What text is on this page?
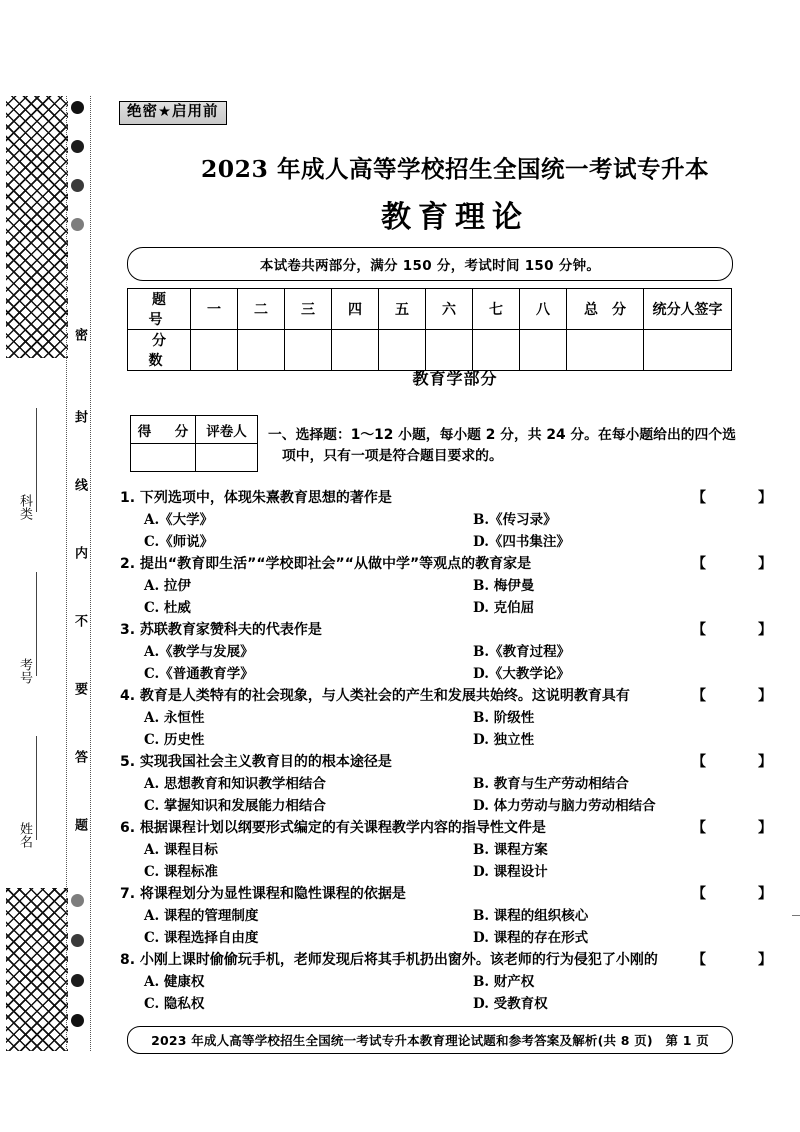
密
封
线
内
不
要
答
题
科类
考号
姓名
绝密★启用前
2023 年成人高等学校招生全国统一考试专升本
教育理论
本试卷共两部分，满分 150 分，考试时间 150 分钟。
题　号	一	二	三	四	五	六	七	八	总　分	统分人签字
分　数										
教育学部分
得　分	评卷人
	一、选择题：1～12 小题，每小题 2 分，共 24 分。在每小题给出的四个选
项中，只有一项是符合题目要求的。
1. 下列选项中，体现朱熹教育思想的著作是	【　】
A.《大学》	B.《传习录》
C.《师说》	D.《四书集注》
2. 提出“教育即生活”“学校即社会”“从做中学”等观点的教育家是	【　】
A. 拉伊	B. 梅伊曼
C. 杜威	D. 克伯屈
3. 苏联教育家赞科夫的代表作是	【　】
A.《教学与发展》	B.《教育过程》
C.《普通教育学》	D.《大教学论》
4. 教育是人类特有的社会现象，与人类社会的产生和发展共始终。这说明教育具有	【　】
A. 永恒性	B. 阶级性
C. 历史性	D. 独立性
5. 实现我国社会主义教育目的的根本途径是	【　】
A. 思想教育和知识教学相结合	B. 教育与生产劳动相结合
C. 掌握知识和发展能力相结合	D. 体力劳动与脑力劳动相结合
6. 根据课程计划以纲要形式编定的有关课程教学内容的指导性文件是	【　】
A. 课程目标	B. 课程方案
C. 课程标准	D. 课程设计
7. 将课程划分为显性课程和隐性课程的依据是	【　】
A. 课程的管理制度	B. 课程的组织核心
C. 课程选择自由度	D. 课程的存在形式
8. 小刚上课时偷偷玩手机，老师发现后将其手机扔出窗外。该老师的行为侵犯了小刚的 【　】
A. 健康权	B. 财产权
C. 隐私权	D. 受教育权
2023 年成人高等学校招生全国统一考试专升本教育理论试题和参考答案及解析(共 8 页)　第 1 页
